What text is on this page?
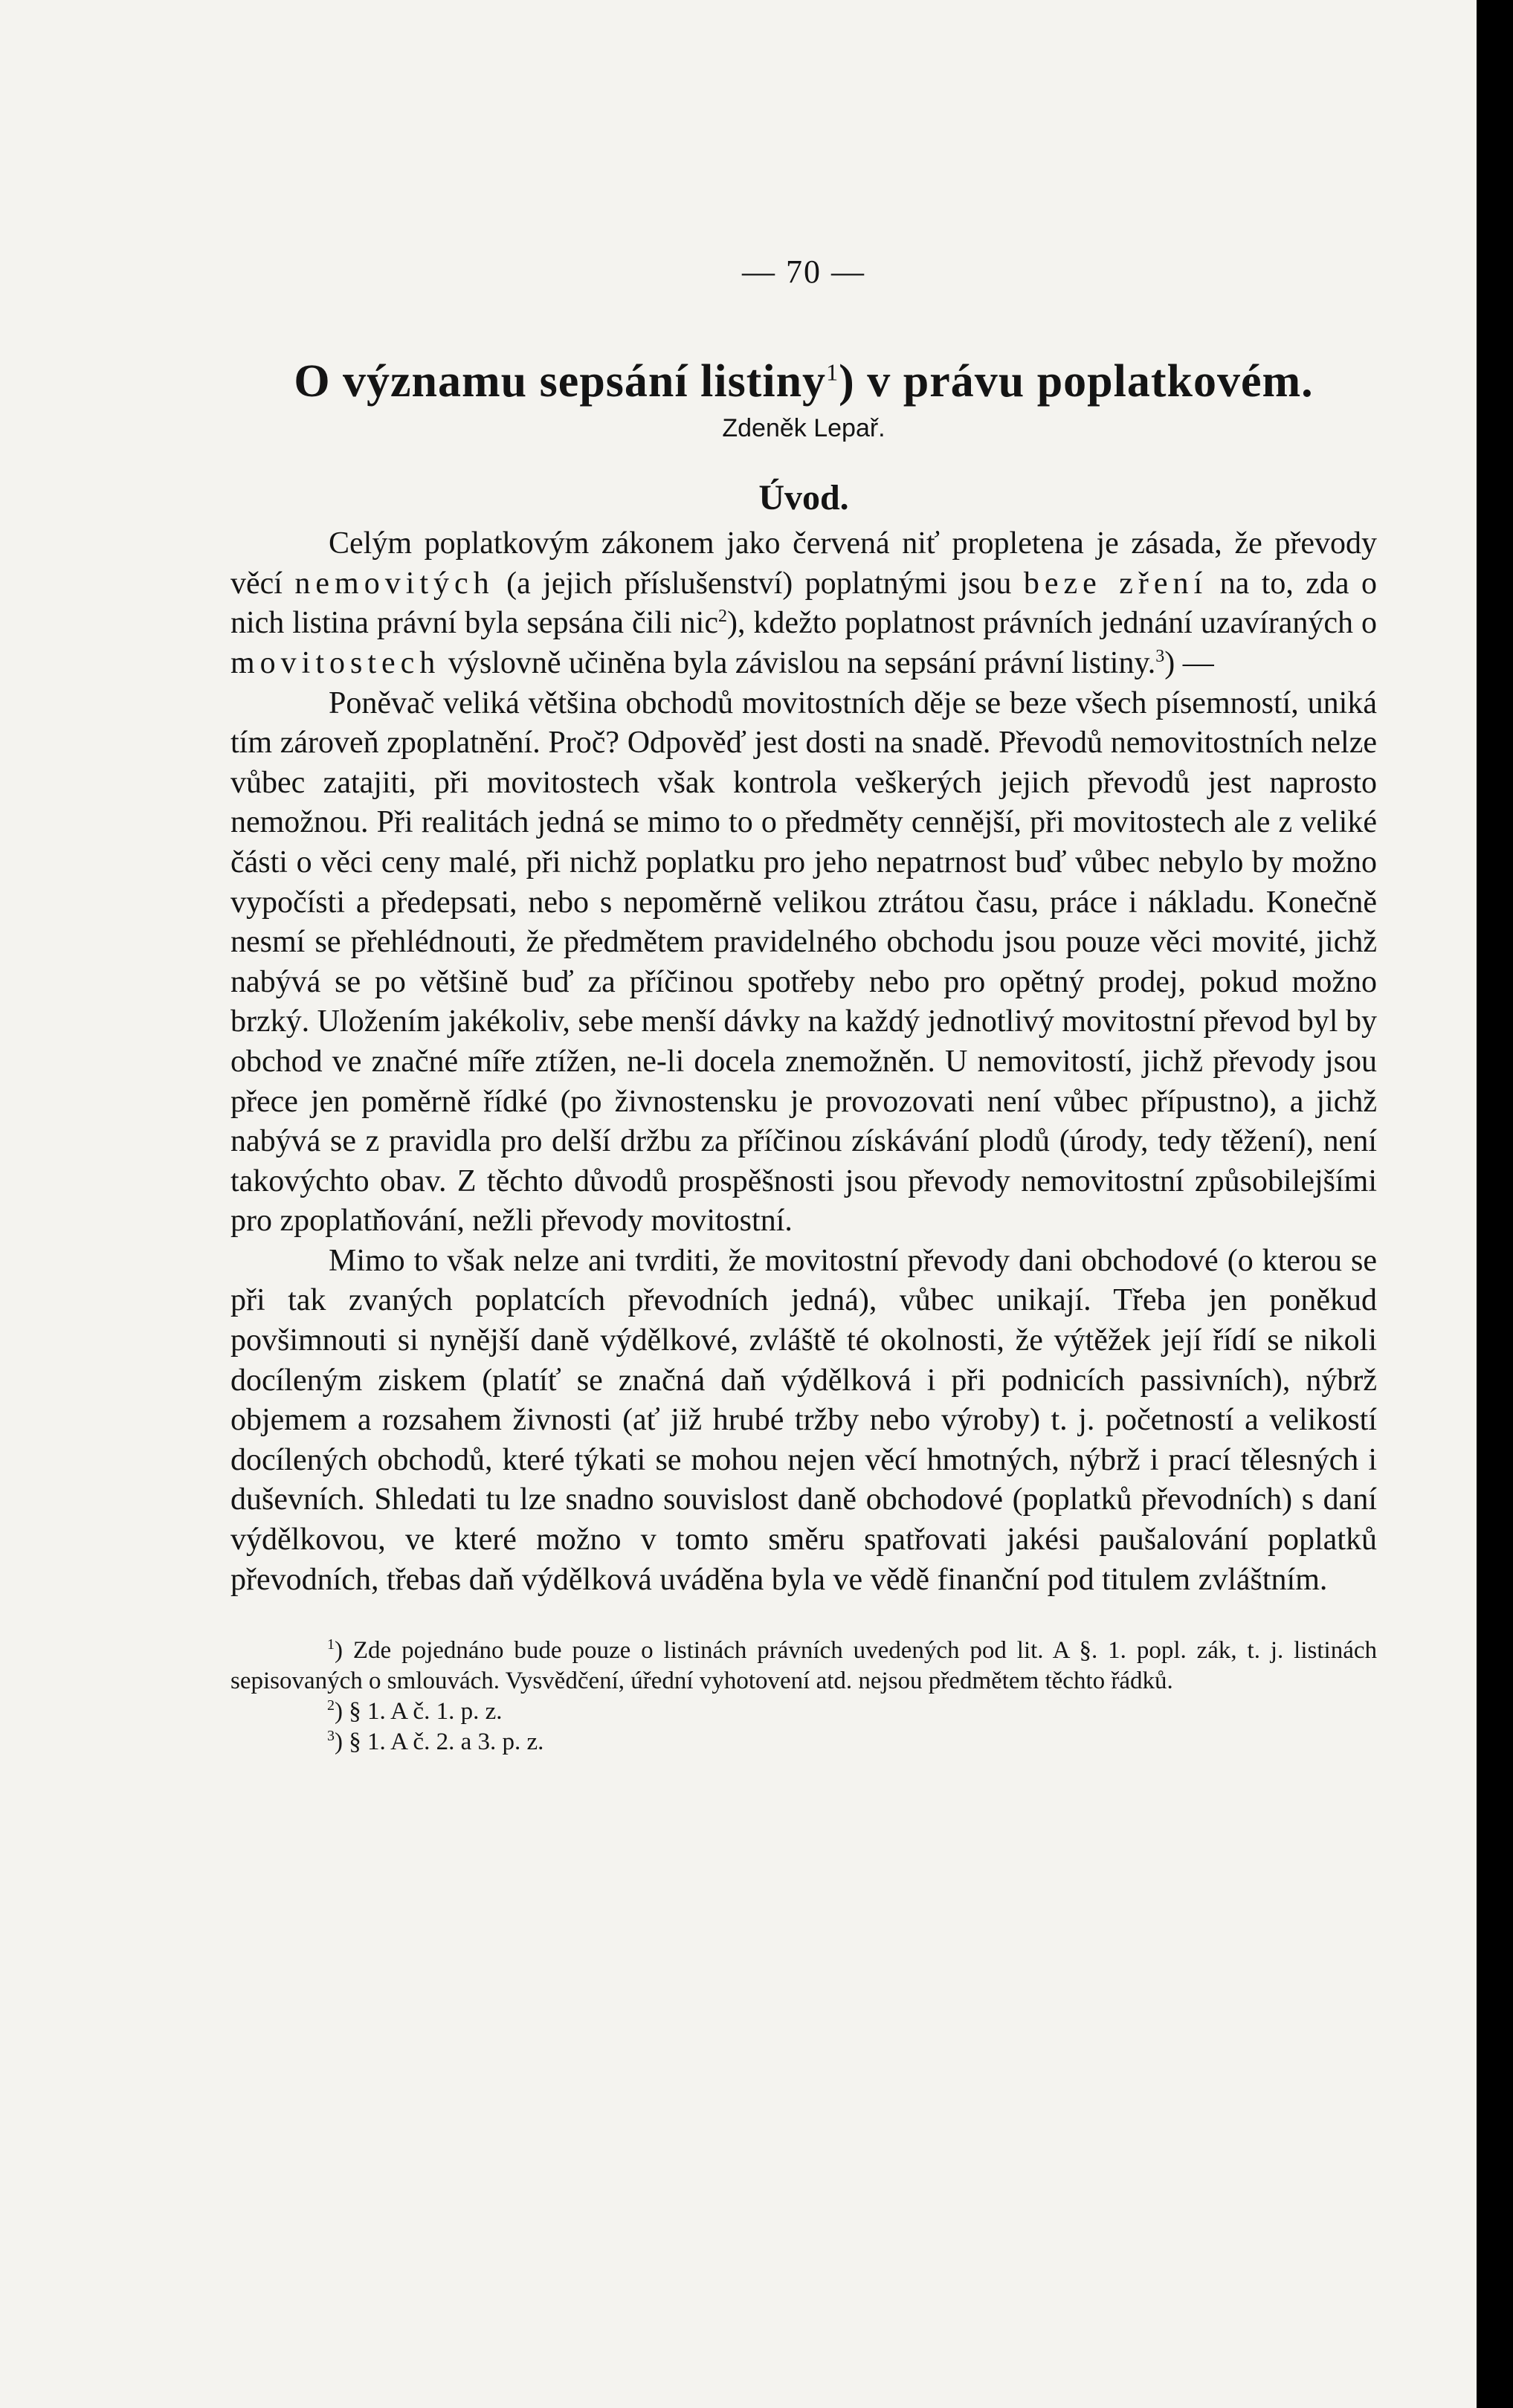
— 70 —
O významu sepsání listiny$^1$) v právu poplatkovém.
Zdeněk Lepař.
Úvod.

Celým poplatkovým zákonem jako červená niť propletena je zásada, že převody věcí nemovitých (a jejich příslušenství) poplatnými jsou beze zření na to, zda o nich listina právní byla sepsána čili nic$^2$), kdežto poplatnost právních jednání uzavíraných o movitostech výslovně učiněna byla závislou na sepsání právní listiny.$^3$) —

Poněvač veliká většina obchodů movitostních děje se beze všech písemností, uniká tím zároveň zpoplatnění. Proč? Odpověď jest dosti na snadě. Převodů nemovitostních nelze vůbec zatajiti, při movitostech však kontrola veškerých jejich převodů jest naprosto nemožnou. Při realitách jedná se mimo to o předměty cennější, při movitostech ale z veliké části o věci ceny malé, při nichž poplatku pro jeho nepatrnost buď vůbec nebylo by možno vypočísti a předepsati, nebo s nepoměrně velikou ztrátou času, práce i nákladu. Konečně nesmí se přehlédnouti, že předmětem pravidelného obchodu jsou pouze věci movité, jichž nabývá se po většině buď za příčinou spotřeby nebo pro opětný prodej, pokud možno brzký. Uložením jakékoliv, sebe menší dávky na každý jednotlivý movitostní převod byl by obchod ve značné míře ztížen, ne-li docela znemožněn. U nemovitostí, jichž převody jsou přece jen poměrně řídké (po živnostensku je provozovati není vůbec přípustno), a jichž nabývá se z pravidla pro delší držbu za příčinou získávání plodů (úrody, tedy těžení), není takovýchto obav. Z těchto důvodů prospěšnosti jsou převody nemovitostní způsobilejšími pro zpoplatňování, nežli převody movitostní.

Mimo to však nelze ani tvrditi, že movitostní převody dani obchodové (o kterou se při tak zvaných poplatcích převodních jedná), vůbec unikají. Třeba jen poněkud povšimnouti si nynější daně výdělkové, zvláště té okolnosti, že výtěžek její řídí se nikoli docíleným ziskem (platíť se značná daň výdělková i při podnicích passivních), nýbrž objemem a rozsahem živnosti (ať již hrubé tržby nebo výroby) t. j. početností a velikostí docílených obchodů, které týkati se mohou nejen věcí hmotných, nýbrž i prací tělesných i duševních. Shledati tu lze snadno souvislost daně obchodové (poplatků převodních) s daní výdělkovou, ve které možno v tomto směru spatřovati jakési paušalování poplatků převodních, třebas daň výdělková uváděna byla ve vědě finanční pod titulem zvláštním.

$^1$) Zde pojednáno bude pouze o listinách právních uvedených pod lit. A §. 1. popl. zák, t. j. listinách sepisovaných o smlouvách. Vysvědčení, úřední vyhotovení atd. nejsou předmětem těchto řádků.

$^2$) § 1. A č. 1. p. z.

$^3$) § 1. A č. 2. a 3. p. z.
